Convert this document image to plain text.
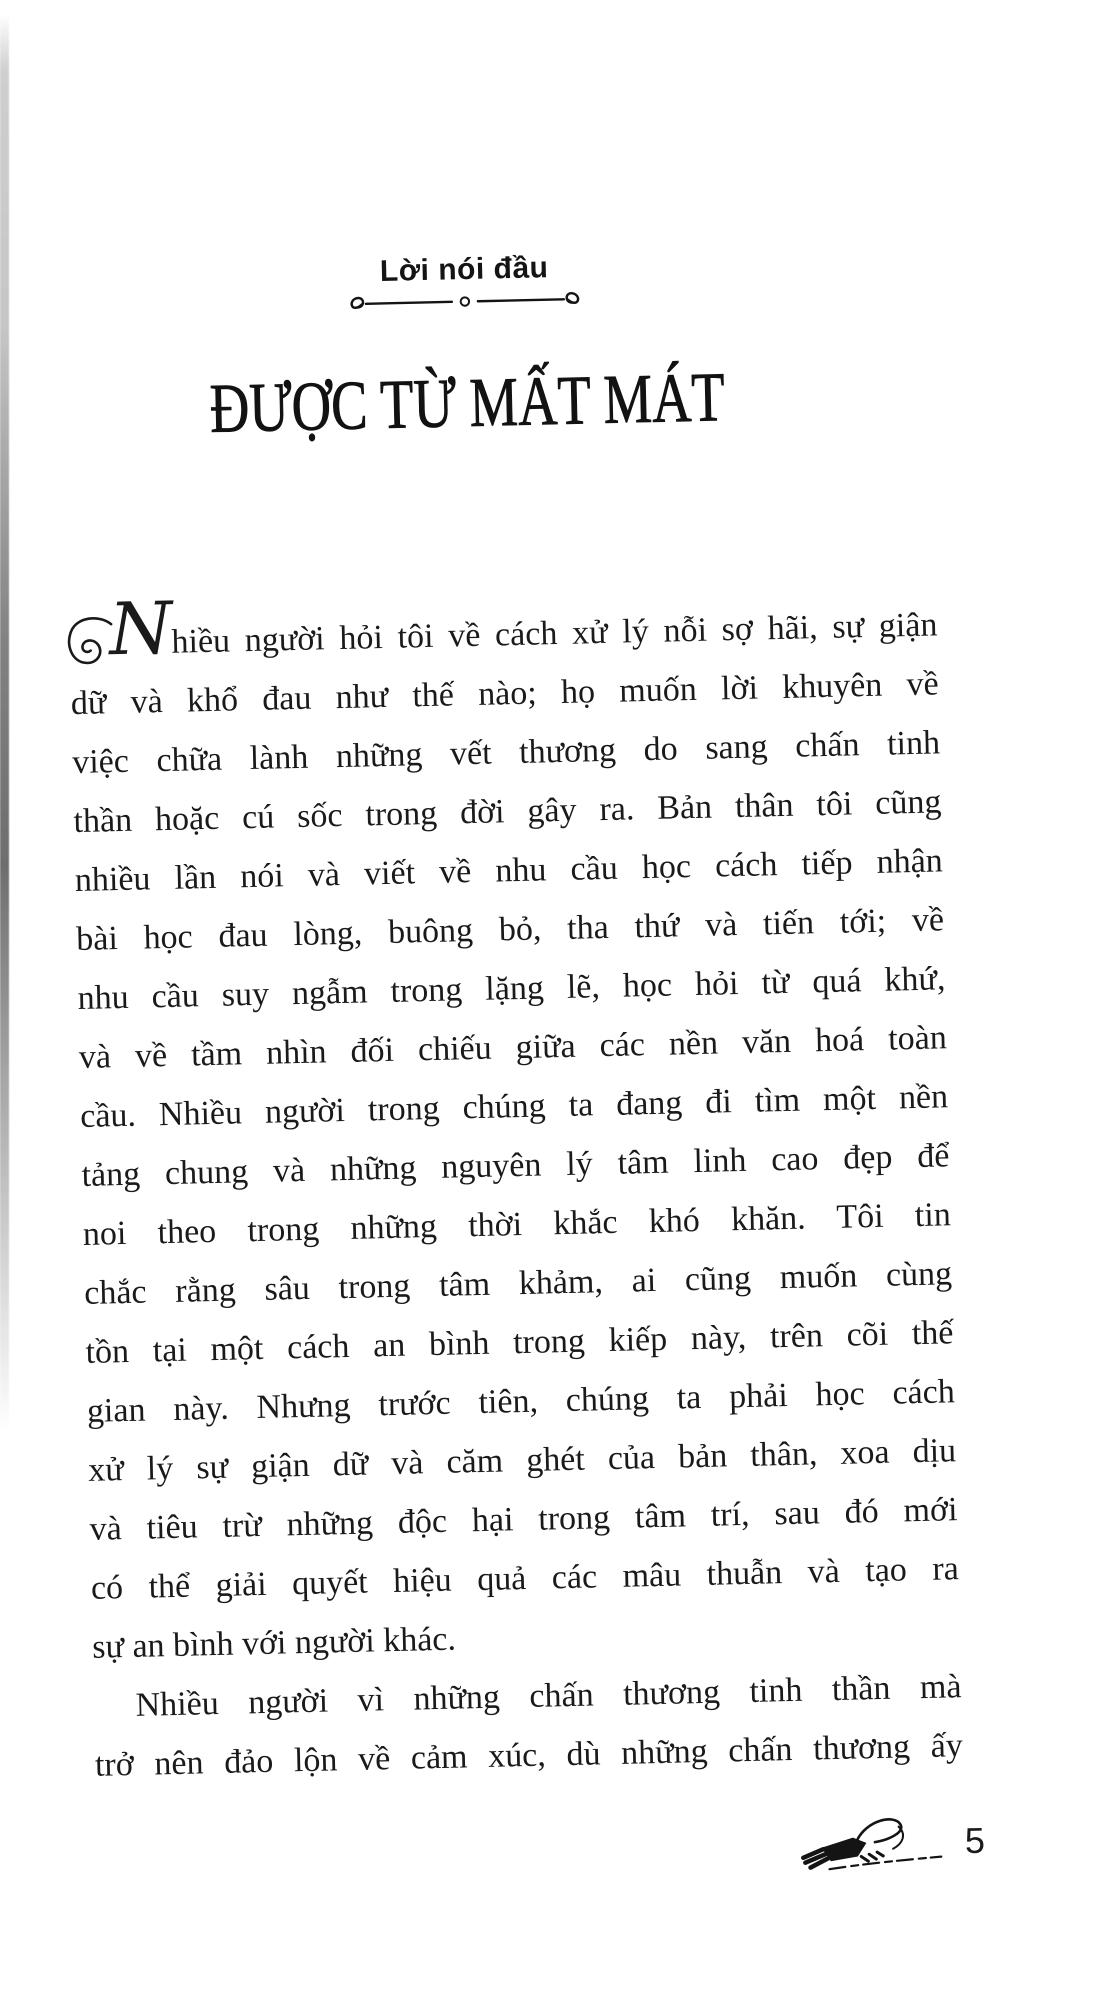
Lời nói đầu
ĐƯỢC TỪ MẤT MÁT
Nhiều người hỏi tôi về cách xử lý nỗi sợ hãi, sự giận
dữ và khổ đau như thế nào; họ muốn lời khuyên về
việc chữa lành những vết thương do sang chấn tinh
thần hoặc cú sốc trong đời gây ra. Bản thân tôi cũng
nhiều lần nói và viết về nhu cầu học cách tiếp nhận
bài học đau lòng, buông bỏ, tha thứ và tiến tới; về
nhu cầu suy ngẫm trong lặng lẽ, học hỏi từ quá khứ,
và về tầm nhìn đối chiếu giữa các nền văn hoá toàn
cầu. Nhiều người trong chúng ta đang đi tìm một nền
tảng chung và những nguyên lý tâm linh cao đẹp để
noi theo trong những thời khắc khó khăn. Tôi tin
chắc rằng sâu trong tâm khảm, ai cũng muốn cùng
tồn tại một cách an bình trong kiếp này, trên cõi thế
gian này. Nhưng trước tiên, chúng ta phải học cách
xử lý sự giận dữ và căm ghét của bản thân, xoa dịu
và tiêu trừ những độc hại trong tâm trí, sau đó mới
có thể giải quyết hiệu quả các mâu thuẫn và tạo ra
sự an bình với người khác.
Nhiều người vì những chấn thương tinh thần mà
trở nên đảo lộn về cảm xúc, dù những chấn thương ấy
5
